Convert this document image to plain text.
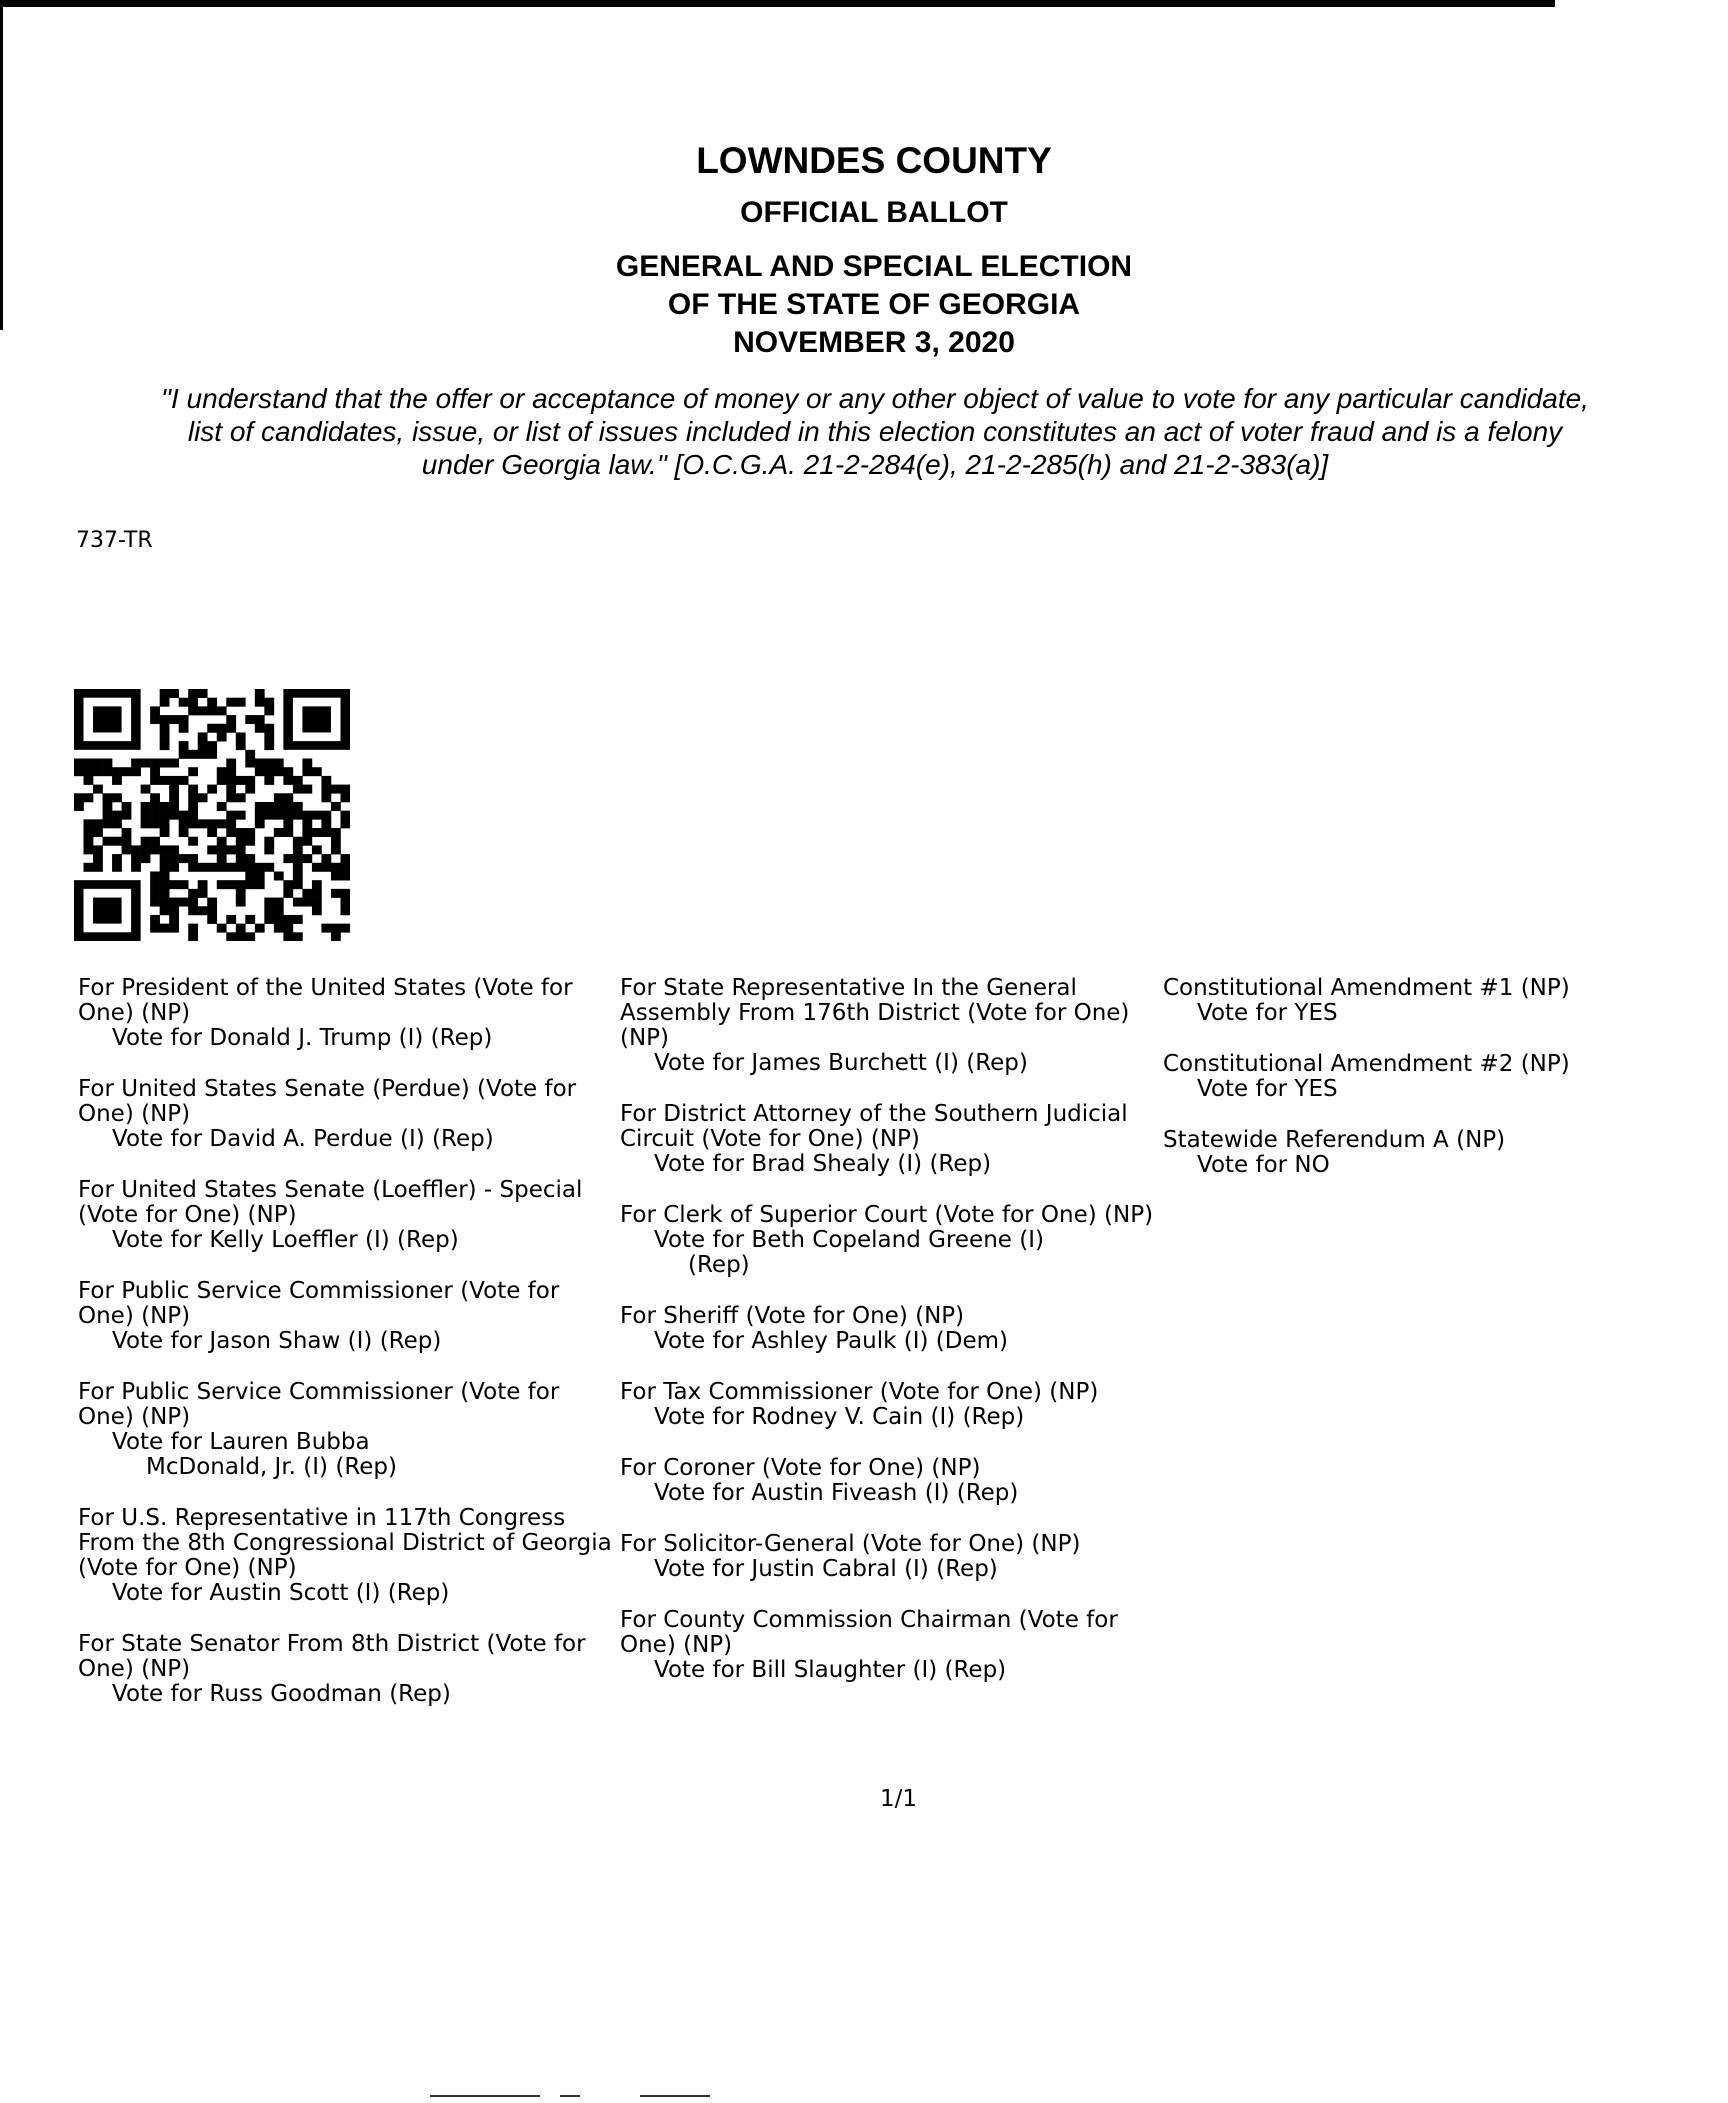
LOWNDES COUNTY
OFFICIAL BALLOT
GENERAL AND SPECIAL ELECTION
OF THE STATE OF GEORGIA
NOVEMBER 3, 2020
"I understand that the offer or acceptance of money or any other object of value to vote for any particular candidate,
list of candidates, issue, or list of issues included in this election constitutes an act of voter fraud and is a felony
under Georgia law." [O.C.G.A. 21-2-284(e), 21-2-285(h) and 21-2-383(a)]
737-TR
For President of the United States (Vote for One) (NP)
Vote for Donald J. Trump (I) (Rep)
For United States Senate (Perdue) (Vote for One) (NP)
Vote for David A. Perdue (I) (Rep)
For United States Senate (Loeffler) - Special (Vote for One) (NP)
Vote for Kelly Loeffler (I) (Rep)
For Public Service Commissioner (Vote for One) (NP)
Vote for Jason Shaw (I) (Rep)
For Public Service Commissioner (Vote for One) (NP)
Vote for Lauren Bubba
McDonald, Jr. (I) (Rep)
For U.S. Representative in 117th Congress From the 8th Congressional District of Georgia (Vote for One) (NP)
Vote for Austin Scott (I) (Rep)
For State Senator From 8th District (Vote for One) (NP)
Vote for Russ Goodman (Rep)
For State Representative In the General Assembly From 176th District (Vote for One) (NP)
Vote for James Burchett (I) (Rep)
For District Attorney of the Southern Judicial Circuit (Vote for One) (NP)
Vote for Brad Shealy (I) (Rep)
For Clerk of Superior Court (Vote for One) (NP)
Vote for Beth Copeland Greene (I)
(Rep)
For Sheriff (Vote for One) (NP)
Vote for Ashley Paulk (I) (Dem)
For Tax Commissioner (Vote for One) (NP)
Vote for Rodney V. Cain (I) (Rep)
For Coroner (Vote for One) (NP)
Vote for Austin Fiveash (I) (Rep)
For Solicitor-General (Vote for One) (NP)
Vote for Justin Cabral (I) (Rep)
For County Commission Chairman (Vote for One) (NP)
Vote for Bill Slaughter (I) (Rep)
Constitutional Amendment #1 (NP)
Vote for YES
Constitutional Amendment #2 (NP)
Vote for YES
Statewide Referendum A (NP)
Vote for NO
1/1
